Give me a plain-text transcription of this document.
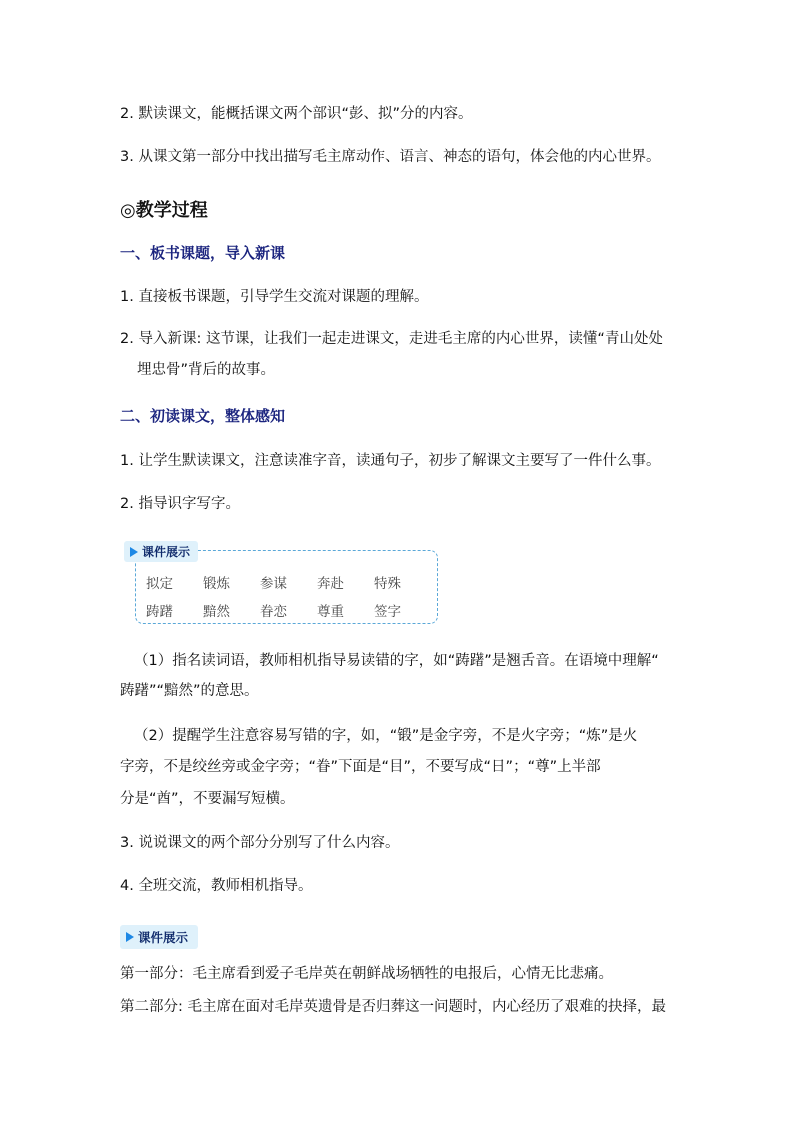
2. 默读课文，能概括课文两个部识“彭、拟”分的内容。

3. 从课文第一部分中找出描写毛主席动作、语言、神态的语句，体会他的内心世界。

◎教学过程
一、板书课题，导入新课

1. 直接板书课题，引导学生交流对课题的理解。

2. 导入新课: 这节课，让我们一起走进课文，走进毛主席的内心世界，读懂“青山处处

埋忠骨”背后的故事。

二、初读课文，整体感知

1. 让学生默读课文，注意读准字音，读通句子，初步了解课文主要写了一件什么事。

2. 指导识字写字。

课件展示
拟定	锻炼	参谋	奔赴	特殊
踌躇	黯然	眷恋	尊重	签字

（1）指名读词语，教师相机指导易读错的字，如“踌躇”是翘舌音。在语境中理解“

踌躇”“黯然”的意思。

（2）提醒学生注意容易写错的字，如，“锻”是金字旁，不是火字旁；“炼”是火

字旁，不是绞丝旁或金字旁；“眷”下面是“目”，不要写成“日”；“尊”上半部

分是“酋”，不要漏写短横。

3. 说说课文的两个部分分别写了什么内容。

4. 全班交流，教师相机指导。

课件展示

第一部分：毛主席看到爱子毛岸英在朝鲜战场牺牲的电报后，心情无比悲痛。

第二部分: 毛主席在面对毛岸英遗骨是否归葬这一问题时，内心经历了艰难的抉择，最
